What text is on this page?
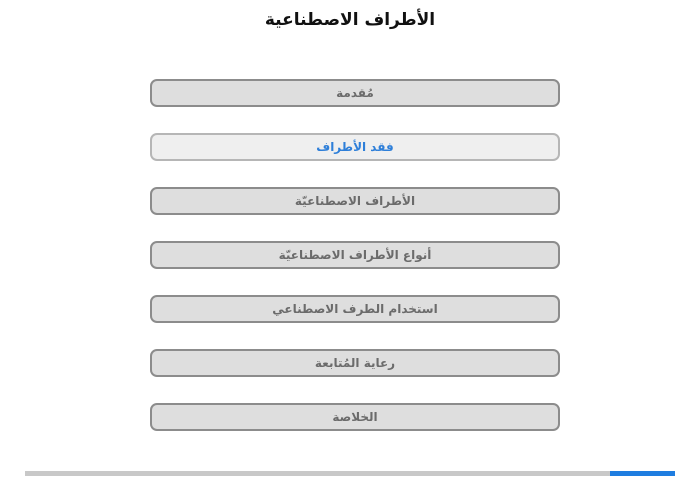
الأطراف الاصطناعية
مُقدمة
فقد الأطراف
الأطراف الاصطناعيّة
أنواع الأطراف الاصطناعيّة
استخدام الطرف الاصطناعي
رعاية المُتابعة
الخلاصة
